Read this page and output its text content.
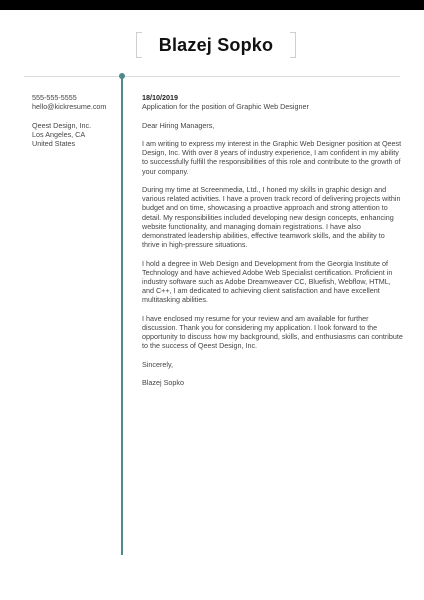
Blazej Sopko
555-555-5555
hello@kickresume.com
Qeest Design, Inc.
Los Angeles, CA
United States
18/10/2019

Application for the position of Graphic Web Designer

Dear Hiring Managers,

I am writing to express my interest in the Graphic Web Designer position at Qeest Design, Inc. With over 8 years of industry experience, I am confident in my ability to successfully fulfill the responsibilities of this role and contribute to the growth of your company.

During my time at Screenmedia, Ltd., I honed my skills in graphic design and various related activities. I have a proven track record of delivering projects within budget and on time, showcasing a proactive approach and strong attention to detail. My responsibilities included developing new design concepts, enhancing website functionality, and managing domain registrations. I have also demonstrated leadership abilities, effective teamwork skills, and the ability to thrive in high-pressure situations.

I hold a degree in Web Design and Development from the Georgia Institute of Technology and have achieved Adobe Web Specialist certification. Proficient in industry software such as Adobe Dreamweaver CC, Bluefish, Webflow, HTML, and C++, I am dedicated to achieving client satisfaction and have excellent multitasking abilities.

I have enclosed my resume for your review and am available for further discussion. Thank you for considering my application. I look forward to the opportunity to discuss how my background, skills, and enthusiasms can contribute to the success of Qeest Design, Inc.

Sincerely,

Blazej Sopko
